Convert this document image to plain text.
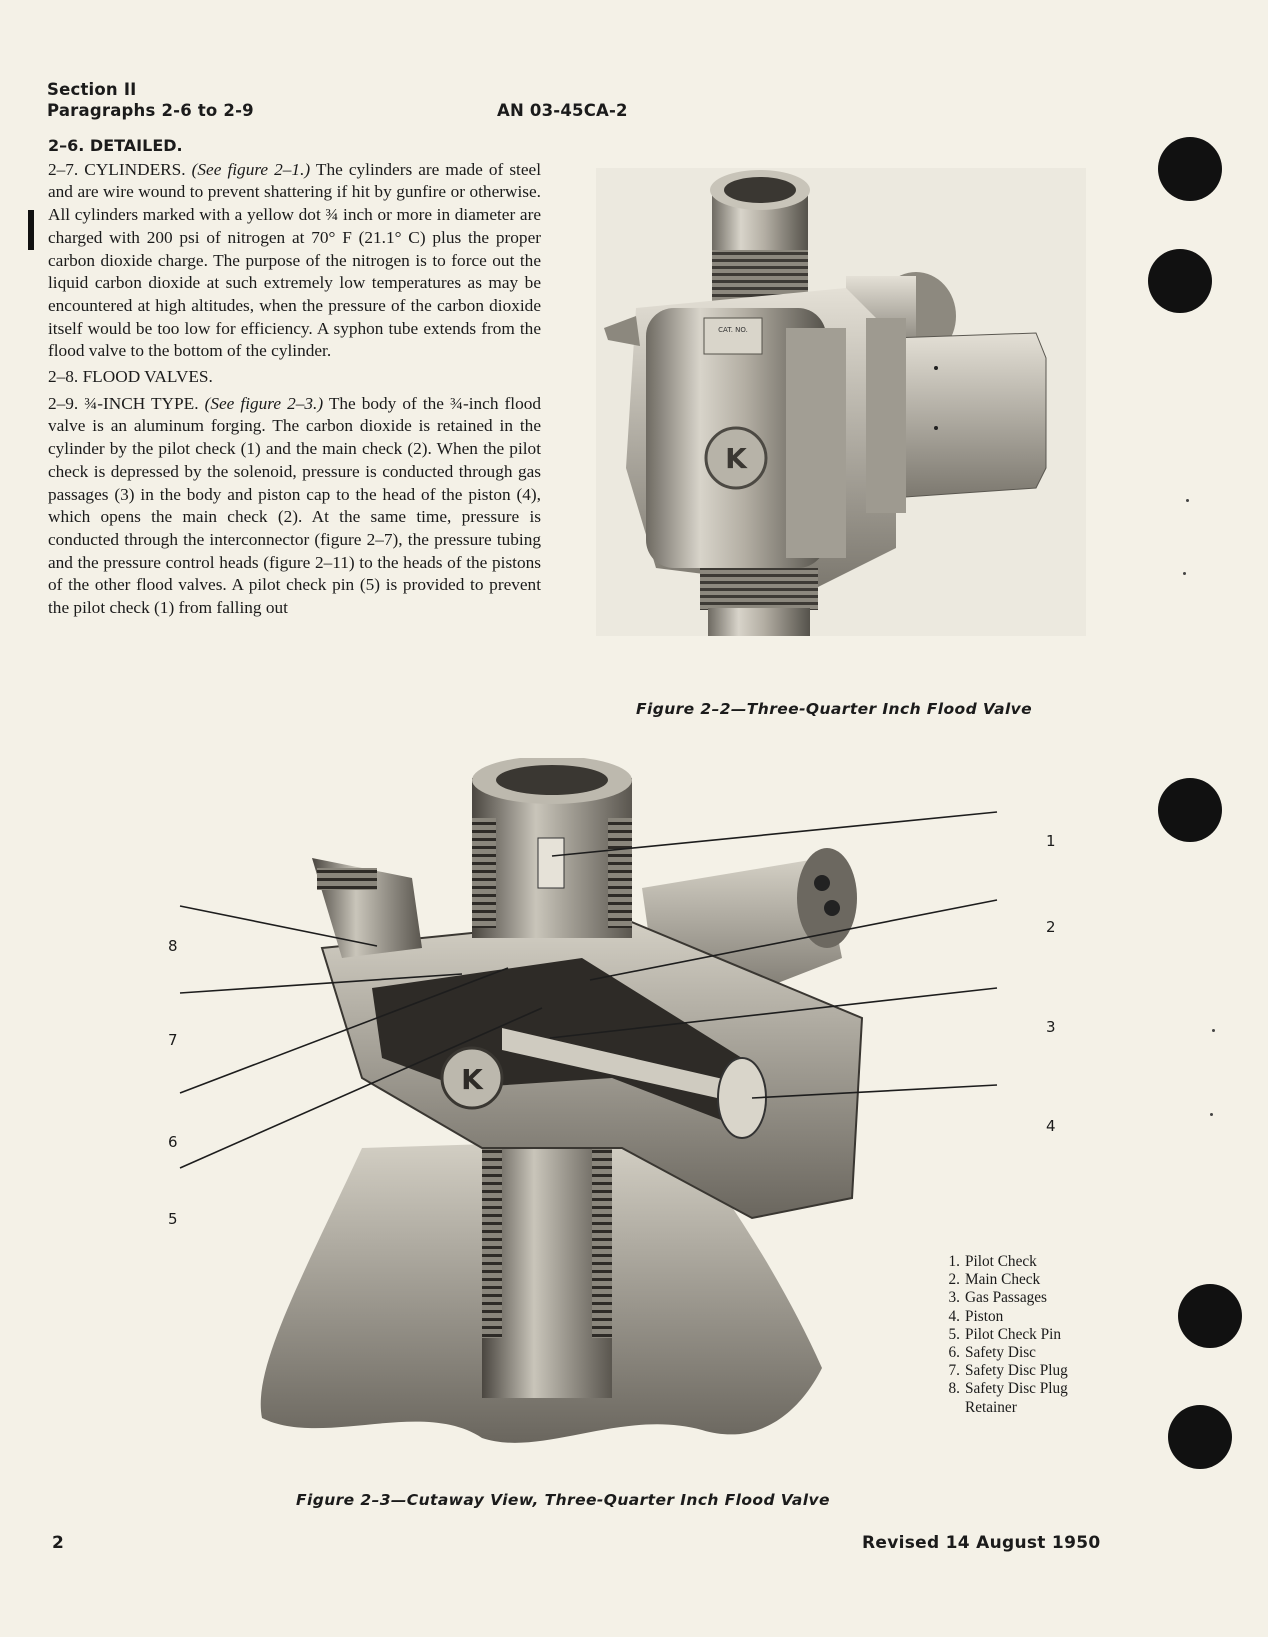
Section II
Paragraphs 2-6 to 2-9	AN 03-45CA-2

2–6. DETAILED.

2–7. CYLINDERS. (See figure 2–1.) The cylinders are made of steel and are wire wound to prevent shattering if hit by gunfire or otherwise. All cylinders marked with a yellow dot ¾ inch or more in diameter are charged with 200 psi of nitrogen at 70° F (21.1° C) plus the proper carbon dioxide charge. The purpose of the nitrogen is to force out the liquid carbon dioxide at such extremely low temperatures as may be encountered at high altitudes, when the pressure of the carbon dioxide itself would be too low for efficiency. A syphon tube extends from the flood valve to the bottom of the cylinder.

2–8. FLOOD VALVES.

2–9. ¾-INCH TYPE. (See figure 2–3.) The body of the ¾-inch flood valve is an aluminum forging. The carbon dioxide is retained in the cylinder by the pilot check (1) and the main check (2). When the pilot check is depressed by the solenoid, pressure is conducted through gas passages (3) in the body and piston cap to the head of the piston (4), which opens the main check (2). At the same time, pressure is conducted through the interconnector (figure 2–7), the pressure tubing and the pressure control heads (figure 2–11) to the heads of the pistons of the other flood valves. A pilot check pin (5) is provided to prevent the pilot check (1) from falling out

CAT. NO.
K
Figure 2–2—Three-Quarter Inch Flood Valve
K
1
2
3
4
5
6
7
8
1. Pilot Check
2. Main Check
3. Gas Passages
4. Piston
5. Pilot Check Pin
6. Safety Disc
7. Safety Disc Plug
8. Safety Disc Plug
Retainer
Figure 2–3—Cutaway View, Three-Quarter Inch Flood Valve
2	Revised 14 August 1950
